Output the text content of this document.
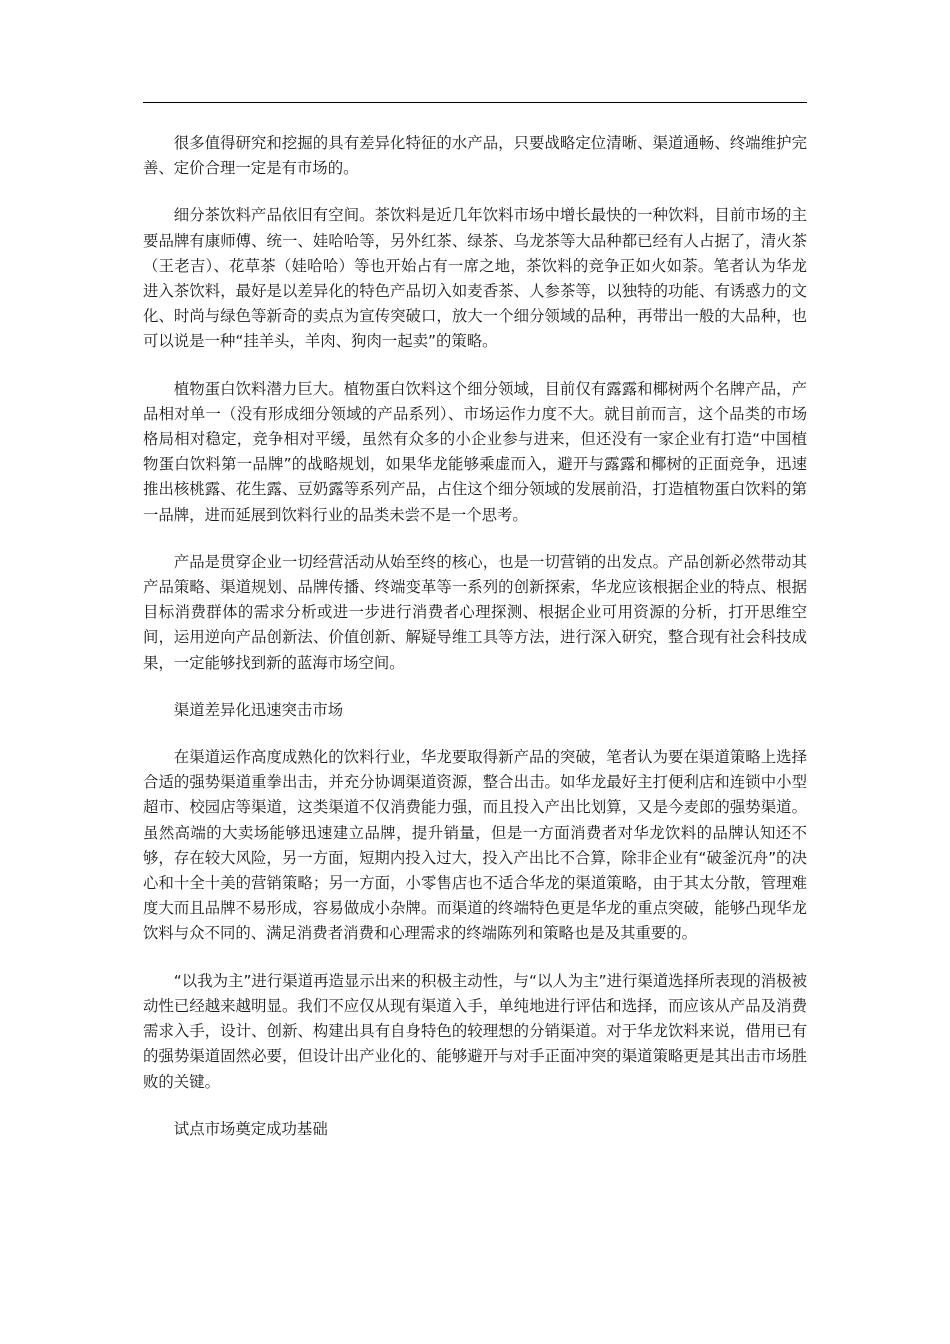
很多值得研究和挖掘的具有差异化特征的水产品，只要战略定位清晰、渠道通畅、终端维护完善、定价合理一定是有市场的。

细分茶饮料产品依旧有空间。茶饮料是近几年饮料市场中增长最快的一种饮料，目前市场的主要品牌有康师傅、统一、娃哈哈等，另外红茶、绿茶、乌龙茶等大品种都已经有人占据了，清火茶（王老吉）、花草茶（娃哈哈）等也开始占有一席之地，茶饮料的竞争正如火如荼。笔者认为华龙进入茶饮料，最好是以差异化的特色产品切入如麦香茶、人参茶等，以独特的功能、有诱惑力的文化、时尚与绿色等新奇的卖点为宣传突破口，放大一个细分领域的品种，再带出一般的大品种，也可以说是一种“挂羊头，羊肉、狗肉一起卖”的策略。

植物蛋白饮料潜力巨大。植物蛋白饮料这个细分领域，目前仅有露露和椰树两个名牌产品，产品相对单一（没有形成细分领域的产品系列）、市场运作力度不大。就目前而言，这个品类的市场格局相对稳定，竞争相对平缓，虽然有众多的小企业参与进来，但还没有一家企业有打造“中国植物蛋白饮料第一品牌”的战略规划，如果华龙能够乘虚而入，避开与露露和椰树的正面竞争，迅速推出核桃露、花生露、豆奶露等系列产品，占住这个细分领域的发展前沿，打造植物蛋白饮料的第一品牌，进而延展到饮料行业的品类未尝不是一个思考。

产品是贯穿企业一切经营活动从始至终的核心，也是一切营销的出发点。产品创新必然带动其产品策略、渠道规划、品牌传播、终端变革等一系列的创新探索，华龙应该根据企业的特点、根据目标消费群体的需求分析或进一步进行消费者心理探测、根据企业可用资源的分析，打开思维空间，运用逆向产品创新法、价值创新、解疑导维工具等方法，进行深入研究，整合现有社会科技成果，一定能够找到新的蓝海市场空间。

渠道差异化迅速突击市场

在渠道运作高度成熟化的饮料行业，华龙要取得新产品的突破，笔者认为要在渠道策略上选择合适的强势渠道重拳出击，并充分协调渠道资源，整合出击。如华龙最好主打便利店和连锁中小型超市、校园店等渠道，这类渠道不仅消费能力强，而且投入产出比划算，又是今麦郎的强势渠道。虽然高端的大卖场能够迅速建立品牌，提升销量，但是一方面消费者对华龙饮料的品牌认知还不够，存在较大风险，另一方面，短期内投入过大，投入产出比不合算，除非企业有“破釜沉舟”的决心和十全十美的营销策略；另一方面，小零售店也不适合华龙的渠道策略，由于其太分散，管理难度大而且品牌不易形成，容易做成小杂牌。而渠道的终端特色更是华龙的重点突破，能够凸现华龙饮料与众不同的、满足消费者消费和心理需求的终端陈列和策略也是及其重要的。

“以我为主”进行渠道再造显示出来的积极主动性，与“以人为主”进行渠道选择所表现的消极被动性已经越来越明显。我们不应仅从现有渠道入手，单纯地进行评估和选择，而应该从产品及消费需求入手，设计、创新、构建出具有自身特色的较理想的分销渠道。对于华龙饮料来说，借用已有的强势渠道固然必要，但设计出产业化的、能够避开与对手正面冲突的渠道策略更是其出击市场胜败的关键。

试点市场奠定成功基础
